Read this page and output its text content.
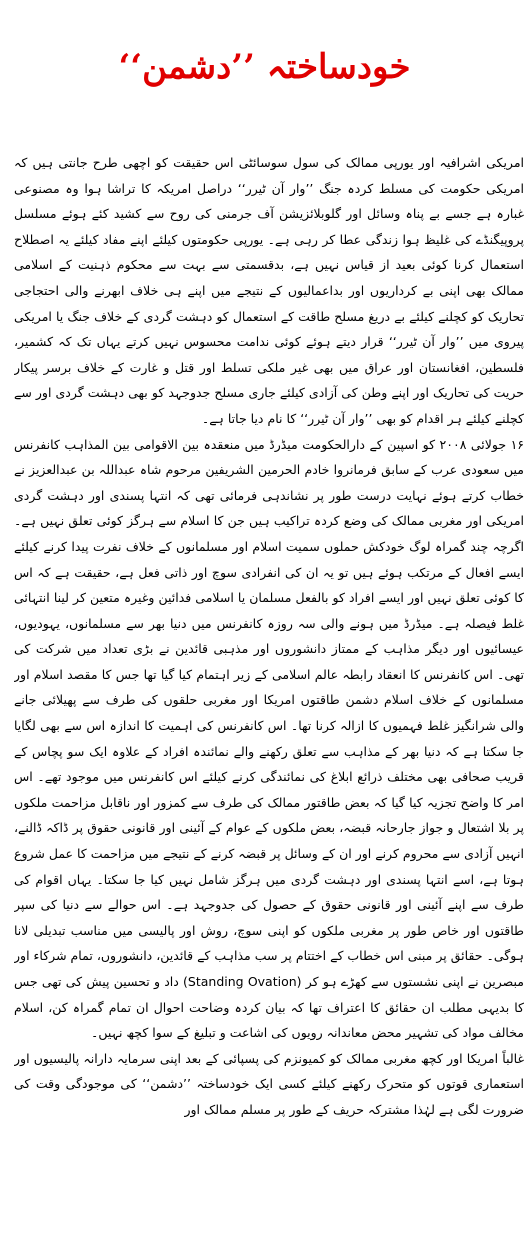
خودساختہ ’’دشمن‘‘

امریکی اشرافیہ اور یورپی ممالک کی سول سوسائٹی اس حقیقت کو اچھی طرح جانتی ہیں کہ امریکی حکومت کی مسلط کردہ جنگ ’’وار آن ٹیرر‘‘ دراصل امریکہ کا تراشا ہوا وہ مصنوعی غبارہ ہے جسے بے پناہ وسائل اور گلوبلائزیشن آف جرمنی کی روح سے کشید کئے ہوئے مسلسل پروپیگنڈے کی غلیظ ہوا زندگی عطا کر رہی ہے۔ یورپی حکومتوں کیلئے اپنے مفاد کیلئے یہ اصطلاح استعمال کرنا کوئی بعید از قیاس نہیں ہے، بدقسمتی سے بہت سے محکوم ذہنیت کے اسلامی ممالک بھی اپنی بے کرداریوں اور بداعمالیوں کے نتیجے میں اپنے ہی خلاف ابھرنے والی احتجاجی تحاریک کو کچلنے کیلئے بے دریغ مسلح طاقت کے استعمال کو دہشت گردی کے خلاف جنگ یا امریکی پیروی میں ’’وار آن ٹیرر‘‘ قرار دیتے ہوئے کوئی ندامت محسوس نہیں کرتے یہاں تک کہ کشمیر، فلسطین، افغانستان اور عراق میں بھی غیر ملکی تسلط اور قتل و غارت کے خلاف برسر پیکار حریت کی تحاریک اور اپنے وطن کی آزادی کیلئے جاری مسلح جدوجہد کو بھی دہشت گردی اور سے کچلنے کیلئے ہر اقدام کو بھی ’’وار آن ٹیرر‘‘ کا نام دیا جاتا ہے۔

۱۶ جولائی ۲۰۰۸ کو اسپین کے دارالحکومت میڈرڈ میں منعقدہ بین الاقوامی بین المذاہب کانفرنس میں سعودی عرب کے سابق فرمانروا خادم الحرمین الشریفین مرحوم شاہ عبداللہ بن عبدالعزیز نے خطاب کرتے ہوئے نہایت درست طور پر نشاندہی فرمائی تھی کہ انتہا پسندی اور دہشت گردی امریکی اور مغربی ممالک کی وضع کردہ تراکیب ہیں جن کا اسلام سے ہرگز کوئی تعلق نہیں ہے۔ اگرچہ چند گمراہ لوگ خودکش حملوں سمیت اسلام اور مسلمانوں کے خلاف نفرت پیدا کرنے کیلئے ایسے افعال کے مرتکب ہوئے ہیں تو یہ ان کی انفرادی سوچ اور ذاتی فعل ہے، حقیقت ہے کہ اس کا کوئی تعلق نہیں اور ایسے افراد کو بالفعل مسلمان یا اسلامی فدائین وغیرہ متعین کر لینا انتہائی غلط فیصلہ ہے۔ میڈرڈ میں ہونے والی سہ روزہ کانفرنس میں دنیا بھر سے مسلمانوں، یہودیوں، عیسائیوں اور دیگر مذاہب کے ممتاز دانشوروں اور مذہبی قائدین نے بڑی تعداد میں شرکت کی تھی۔ اس کانفرنس کا انعقاد رابطہ عالم اسلامی کے زیر اہتمام کیا گیا تھا جس کا مقصد اسلام اور مسلمانوں کے خلاف اسلام دشمن طاقتوں امریکا اور مغربی حلقوں کی طرف سے پھیلائی جانے والی شرانگیز غلط فہمیوں کا ازالہ کرنا تھا۔ اس کانفرنس کی اہمیت کا اندازہ اس سے بھی لگایا جا سکتا ہے کہ دنیا بھر کے مذاہب سے تعلق رکھنے والے نمائندہ افراد کے علاوہ ایک سو پچاس کے قریب صحافی بھی مختلف ذرائع ابلاغ کی نمائندگی کرنے کیلئے اس کانفرنس میں موجود تھے۔ اس امر کا واضح تجزیہ کیا گیا کہ بعض طاقتور ممالک کی طرف سے کمزور اور ناقابل مزاحمت ملکوں پر بلا اشتعال و جواز جارحانہ قبضہ، بعض ملکوں کے عوام کے آئینی اور قانونی حقوق پر ڈاکہ ڈالنے، انہیں آزادی سے محروم کرنے اور ان کے وسائل پر قبضہ کرنے کے نتیجے میں مزاحمت کا عمل شروع ہوتا ہے، اسے انتہا پسندی اور دہشت گردی میں ہرگز شامل نہیں کیا جا سکتا۔ یہاں اقوام کی طرف سے اپنے آئینی اور قانونی حقوق کے حصول کی جدوجہد ہے۔ اس حوالے سے دنیا کی سپر طاقتوں اور خاص طور پر مغربی ملکوں کو اپنی سوچ، روش اور پالیسی میں مناسب تبدیلی لانا ہوگی۔ حقائق پر مبنی اس خطاب کے اختتام پر سب مذاہب کے قائدین، دانشوروں، تمام شرکاء اور مبصرین نے اپنی نشستوں سے کھڑے ہو کر (Standing Ovation) داد و تحسین پیش کی تھی جس کا بدیہی مطلب ان حقائق کا اعتراف تھا کہ بیان کردہ وضاحت احوال ان تمام گمراہ کن، اسلام مخالف مواد کی تشہیر محض معاندانہ رویوں کی اشاعت و تبلیغ کے سوا کچھ نہیں۔

غالباً امریکا اور کچھ مغربی ممالک کو کمیونزم کی پسپائی کے بعد اپنی سرمایہ دارانہ پالیسیوں اور استعماری قوتوں کو متحرک رکھنے کیلئے کسی ایک خودساختہ ’’دشمن‘‘ کی موجودگی وقت کی ضرورت لگی ہے لہٰذا مشترکہ حریف کے طور پر مسلم ممالک اور
